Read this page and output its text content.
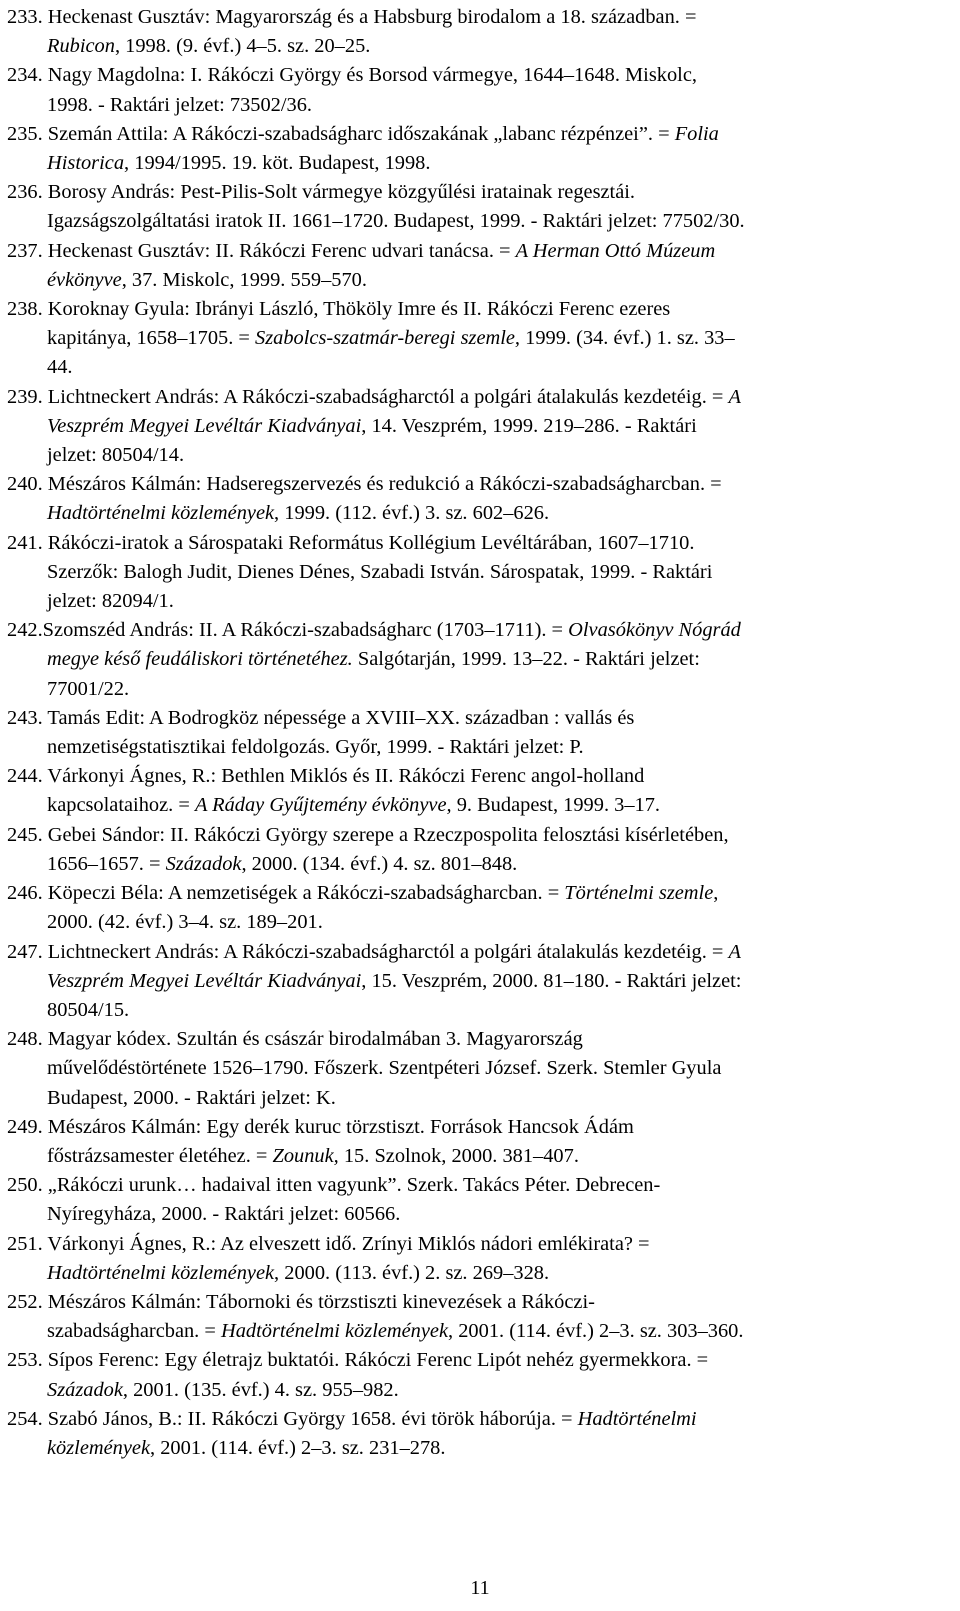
233. Heckenast Gusztáv: Magyarország és a Habsburg birodalom a 18. században. =
Rubicon, 1998. (9. évf.) 4–5. sz. 20–25.
234. Nagy Magdolna: I. Rákóczi György és Borsod vármegye, 1644–1648. Miskolc,
1998. - Raktári jelzet: 73502/36.
235. Szemán Attila: A Rákóczi-szabadságharc időszakának „labanc rézpénzei”. = Folia
Historica, 1994/1995. 19. köt. Budapest, 1998.
236. Borosy András: Pest-Pilis-Solt vármegye közgyűlési iratainak regesztái.
Igazságszolgáltatási iratok II. 1661–1720. Budapest, 1999. - Raktári jelzet: 77502/30.
237. Heckenast Gusztáv: II. Rákóczi Ferenc udvari tanácsa. = A Herman Ottó Múzeum
évkönyve, 37. Miskolc, 1999. 559–570.
238. Koroknay Gyula: Ibrányi László, Thököly Imre és II. Rákóczi Ferenc ezeres
kapitánya, 1658–1705. = Szabolcs-szatmár-beregi szemle, 1999. (34. évf.) 1. sz. 33–
44.
239. Lichtneckert András: A Rákóczi-szabadságharctól a polgári átalakulás kezdetéig. = A
Veszprém Megyei Levéltár Kiadványai, 14. Veszprém, 1999. 219–286. - Raktári
jelzet: 80504/14.
240. Mészáros Kálmán: Hadseregszervezés és redukció a Rákóczi-szabadságharcban. =
Hadtörténelmi közlemények, 1999. (112. évf.) 3. sz. 602–626.
241. Rákóczi-iratok a Sárospataki Református Kollégium Levéltárában, 1607–1710.
Szerzők: Balogh Judit, Dienes Dénes, Szabadi István. Sárospatak, 1999. - Raktári
jelzet: 82094/1.
242.Szomszéd András: II. A Rákóczi-szabadságharc (1703–1711). = Olvasókönyv Nógrád
megye késő feudáliskori történetéhez. Salgótarján, 1999. 13–22. - Raktári jelzet:
77001/22.
243. Tamás Edit: A Bodrogköz népessége a XVIII–XX. században : vallás és
nemzetiségstatisztikai feldolgozás. Győr, 1999. - Raktári jelzet: P.
244. Várkonyi Ágnes, R.: Bethlen Miklós és II. Rákóczi Ferenc angol-holland
kapcsolataihoz. = A Ráday Gyűjtemény évkönyve, 9. Budapest, 1999. 3–17.
245. Gebei Sándor: II. Rákóczi György szerepe a Rzeczpospolita felosztási kísérletében,
1656–1657. = Századok, 2000. (134. évf.) 4. sz. 801–848.
246. Köpeczi Béla: A nemzetiségek a Rákóczi-szabadságharcban. = Történelmi szemle,
2000. (42. évf.) 3–4. sz. 189–201.
247. Lichtneckert András: A Rákóczi-szabadságharctól a polgári átalakulás kezdetéig. = A
Veszprém Megyei Levéltár Kiadványai, 15. Veszprém, 2000. 81–180. - Raktári jelzet:
80504/15.
248. Magyar kódex. Szultán és császár birodalmában 3. Magyarország
művelődéstörténete 1526–1790. Főszerk. Szentpéteri József. Szerk. Stemler Gyula
Budapest, 2000. - Raktári jelzet: K.
249. Mészáros Kálmán: Egy derék kuruc törzstiszt. Források Hancsok Ádám
főstrázsamester életéhez. = Zounuk, 15. Szolnok, 2000. 381–407.
250. „Rákóczi urunk… hadaival itten vagyunk”. Szerk. Takács Péter. Debrecen-
Nyíregyháza, 2000. - Raktári jelzet: 60566.
251. Várkonyi Ágnes, R.: Az elveszett idő. Zrínyi Miklós nádori emlékirata? =
Hadtörténelmi közlemények, 2000. (113. évf.) 2. sz. 269–328.
252. Mészáros Kálmán: Tábornoki és törzstiszti kinevezések a Rákóczi-
szabadságharcban. = Hadtörténelmi közlemények, 2001. (114. évf.) 2–3. sz. 303–360.
253. Sípos Ferenc: Egy életrajz buktatói. Rákóczi Ferenc Lipót nehéz gyermekkora. =
Századok, 2001. (135. évf.) 4. sz. 955–982.
254. Szabó János, B.: II. Rákóczi György 1658. évi török háborúja. = Hadtörténelmi
közlemények, 2001. (114. évf.) 2–3. sz. 231–278.
11
